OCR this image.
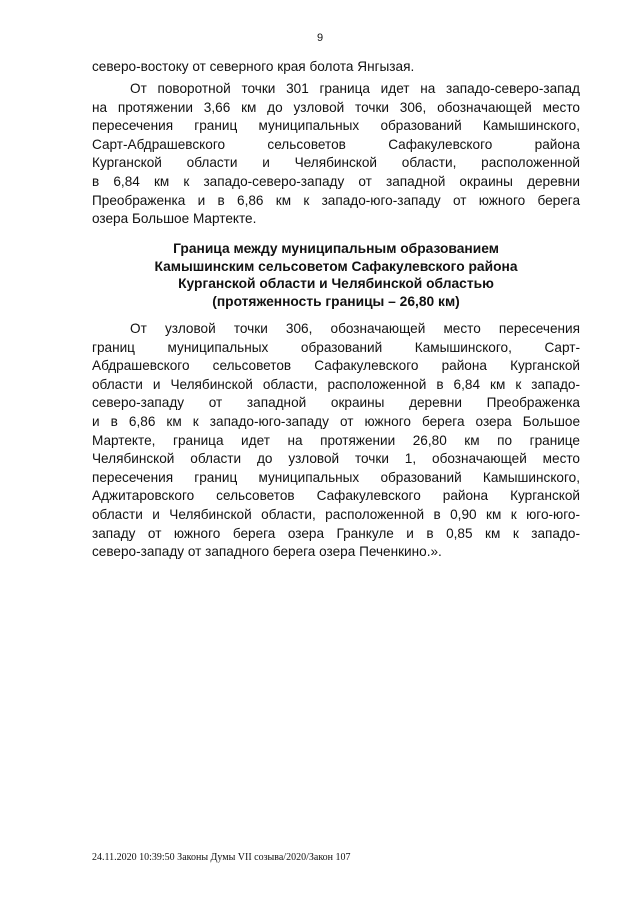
9
северо-востоку от северного края болота Янгызая.
От поворотной точки 301 граница идет на западо-северо-запад
на протяжении 3,66 км до узловой точки 306, обозначающей место
пересечения границ муниципальных образований Камышинского,
Сарт-Абдрашевского сельсоветов Сафакулевского района
Курганской области и Челябинской области, расположенной
в 6,84 км к западо-северо-западу от западной окраины деревни
Преображенка и в 6,86 км к западо-юго-западу от южного берега
озера Большое Мартекте.
Граница между муниципальным образованием
Камышинским сельсоветом Сафакулевского района
Курганской области и Челябинской областью
(протяженность границы – 26,80 км)
От узловой точки 306, обозначающей место пересечения
границ муниципальных образований Камышинского, Сарт-
Абдрашевского сельсоветов Сафакулевского района Курганской
области и Челябинской области, расположенной в 6,84 км к западо-
северо-западу от западной окраины деревни Преображенка
и в 6,86 км к западо-юго-западу от южного берега озера Большое
Мартекте, граница идет на протяжении 26,80 км по границе
Челябинской области до узловой точки 1, обозначающей место
пересечения границ муниципальных образований Камышинского,
Аджитаровского сельсоветов Сафакулевского района Курганской
области и Челябинской области, расположенной в 0,90 км к юго-юго-
западу от южного берега озера Гранкуле и в 0,85 км к западо-
северо-западу от западного берега озера Печенкино.».
24.11.2020 10:39:50 Законы Думы VII созыва/2020/Закон 107
